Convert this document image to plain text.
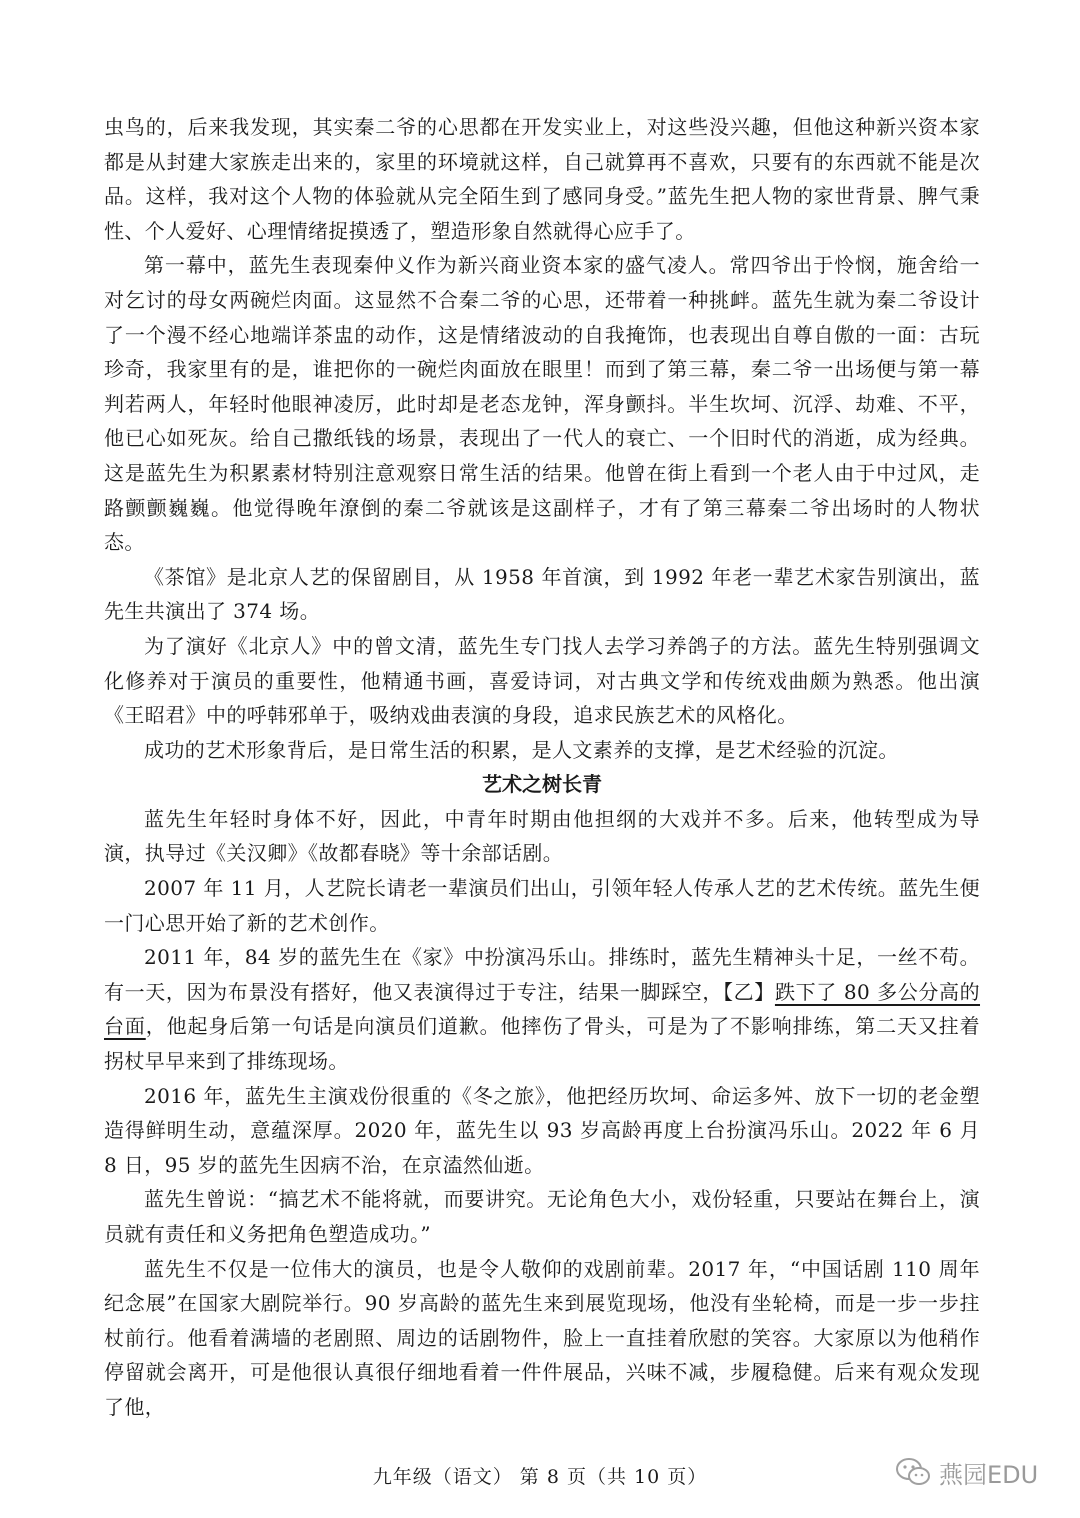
虫鸟的，后来我发现，其实秦二爷的心思都在开发实业上，对这些没兴趣，但他这种新兴资本家都是从封建大家族走出来的，家里的环境就这样，自己就算再不喜欢，只要有的东西就不能是次品。这样，我对这个人物的体验就从完全陌生到了感同身受。”蓝先生把人物的家世背景、脾气秉性、个人爱好、心理情绪捉摸透了，塑造形象自然就得心应手了。

第一幕中，蓝先生表现秦仲义作为新兴商业资本家的盛气凌人。常四爷出于怜悯，施舍给一对乞讨的母女两碗烂肉面。这显然不合秦二爷的心思，还带着一种挑衅。蓝先生就为秦二爷设计了一个漫不经心地端详茶盅的动作，这是情绪波动的自我掩饰，也表现出自尊自傲的一面：古玩珍奇，我家里有的是，谁把你的一碗烂肉面放在眼里！而到了第三幕，秦二爷一出场便与第一幕判若两人，年轻时他眼神凌厉，此时却是老态龙钟，浑身颤抖。半生坎坷、沉浮、劫难、不平，他已心如死灰。给自己撒纸钱的场景，表现出了一代人的衰亡、一个旧时代的消逝，成为经典。这是蓝先生为积累素材特别注意观察日常生活的结果。他曾在街上看到一个老人由于中过风，走路颤颤巍巍。他觉得晚年潦倒的秦二爷就该是这副样子，才有了第三幕秦二爷出场时的人物状态。

《茶馆》是北京人艺的保留剧目，从 1958 年首演，到 1992 年老一辈艺术家告别演出，蓝先生共演出了 374 场。

为了演好《北京人》中的曾文清，蓝先生专门找人去学习养鸽子的方法。蓝先生特别强调文化修养对于演员的重要性，他精通书画，喜爱诗词，对古典文学和传统戏曲颇为熟悉。他出演《王昭君》中的呼韩邪单于，吸纳戏曲表演的身段，追求民族艺术的风格化。

成功的艺术形象背后，是日常生活的积累，是人文素养的支撑，是艺术经验的沉淀。

艺术之树长青

蓝先生年轻时身体不好，因此，中青年时期由他担纲的大戏并不多。后来，他转型成为导演，执导过《关汉卿》《故都春晓》等十余部话剧。

2007 年 11 月，人艺院长请老一辈演员们出山，引领年轻人传承人艺的艺术传统。蓝先生便一门心思开始了新的艺术创作。

2011 年，84 岁的蓝先生在《家》中扮演冯乐山。排练时，蓝先生精神头十足，一丝不苟。有一天，因为布景没有搭好，他又表演得过于专注，结果一脚踩空，【乙】跌下了 80 多公分高的台面，他起身后第一句话是向演员们道歉。他摔伤了骨头，可是为了不影响排练，第二天又拄着拐杖早早来到了排练现场。

2016 年，蓝先生主演戏份很重的《冬之旅》，他把经历坎坷、命运多舛、放下一切的老金塑造得鲜明生动，意蕴深厚。2020 年，蓝先生以 93 岁高龄再度上台扮演冯乐山。2022 年 6 月 8 日，95 岁的蓝先生因病不治，在京溘然仙逝。

蓝先生曾说：“搞艺术不能将就，而要讲究。无论角色大小，戏份轻重，只要站在舞台上，演员就有责任和义务把角色塑造成功。”

蓝先生不仅是一位伟大的演员，也是令人敬仰的戏剧前辈。2017 年，“中国话剧 110 周年纪念展”在国家大剧院举行。90 岁高龄的蓝先生来到展览现场，他没有坐轮椅，而是一步一步拄杖前行。他看着满墙的老剧照、周边的话剧物件，脸上一直挂着欣慰的笑容。大家原以为他稍作停留就会离开，可是他很认真很仔细地看着一件件展品，兴味不减，步履稳健。后来有观众发现了他，

九年级（语文） 第 8 页（共 10 页）	燕园EDU
